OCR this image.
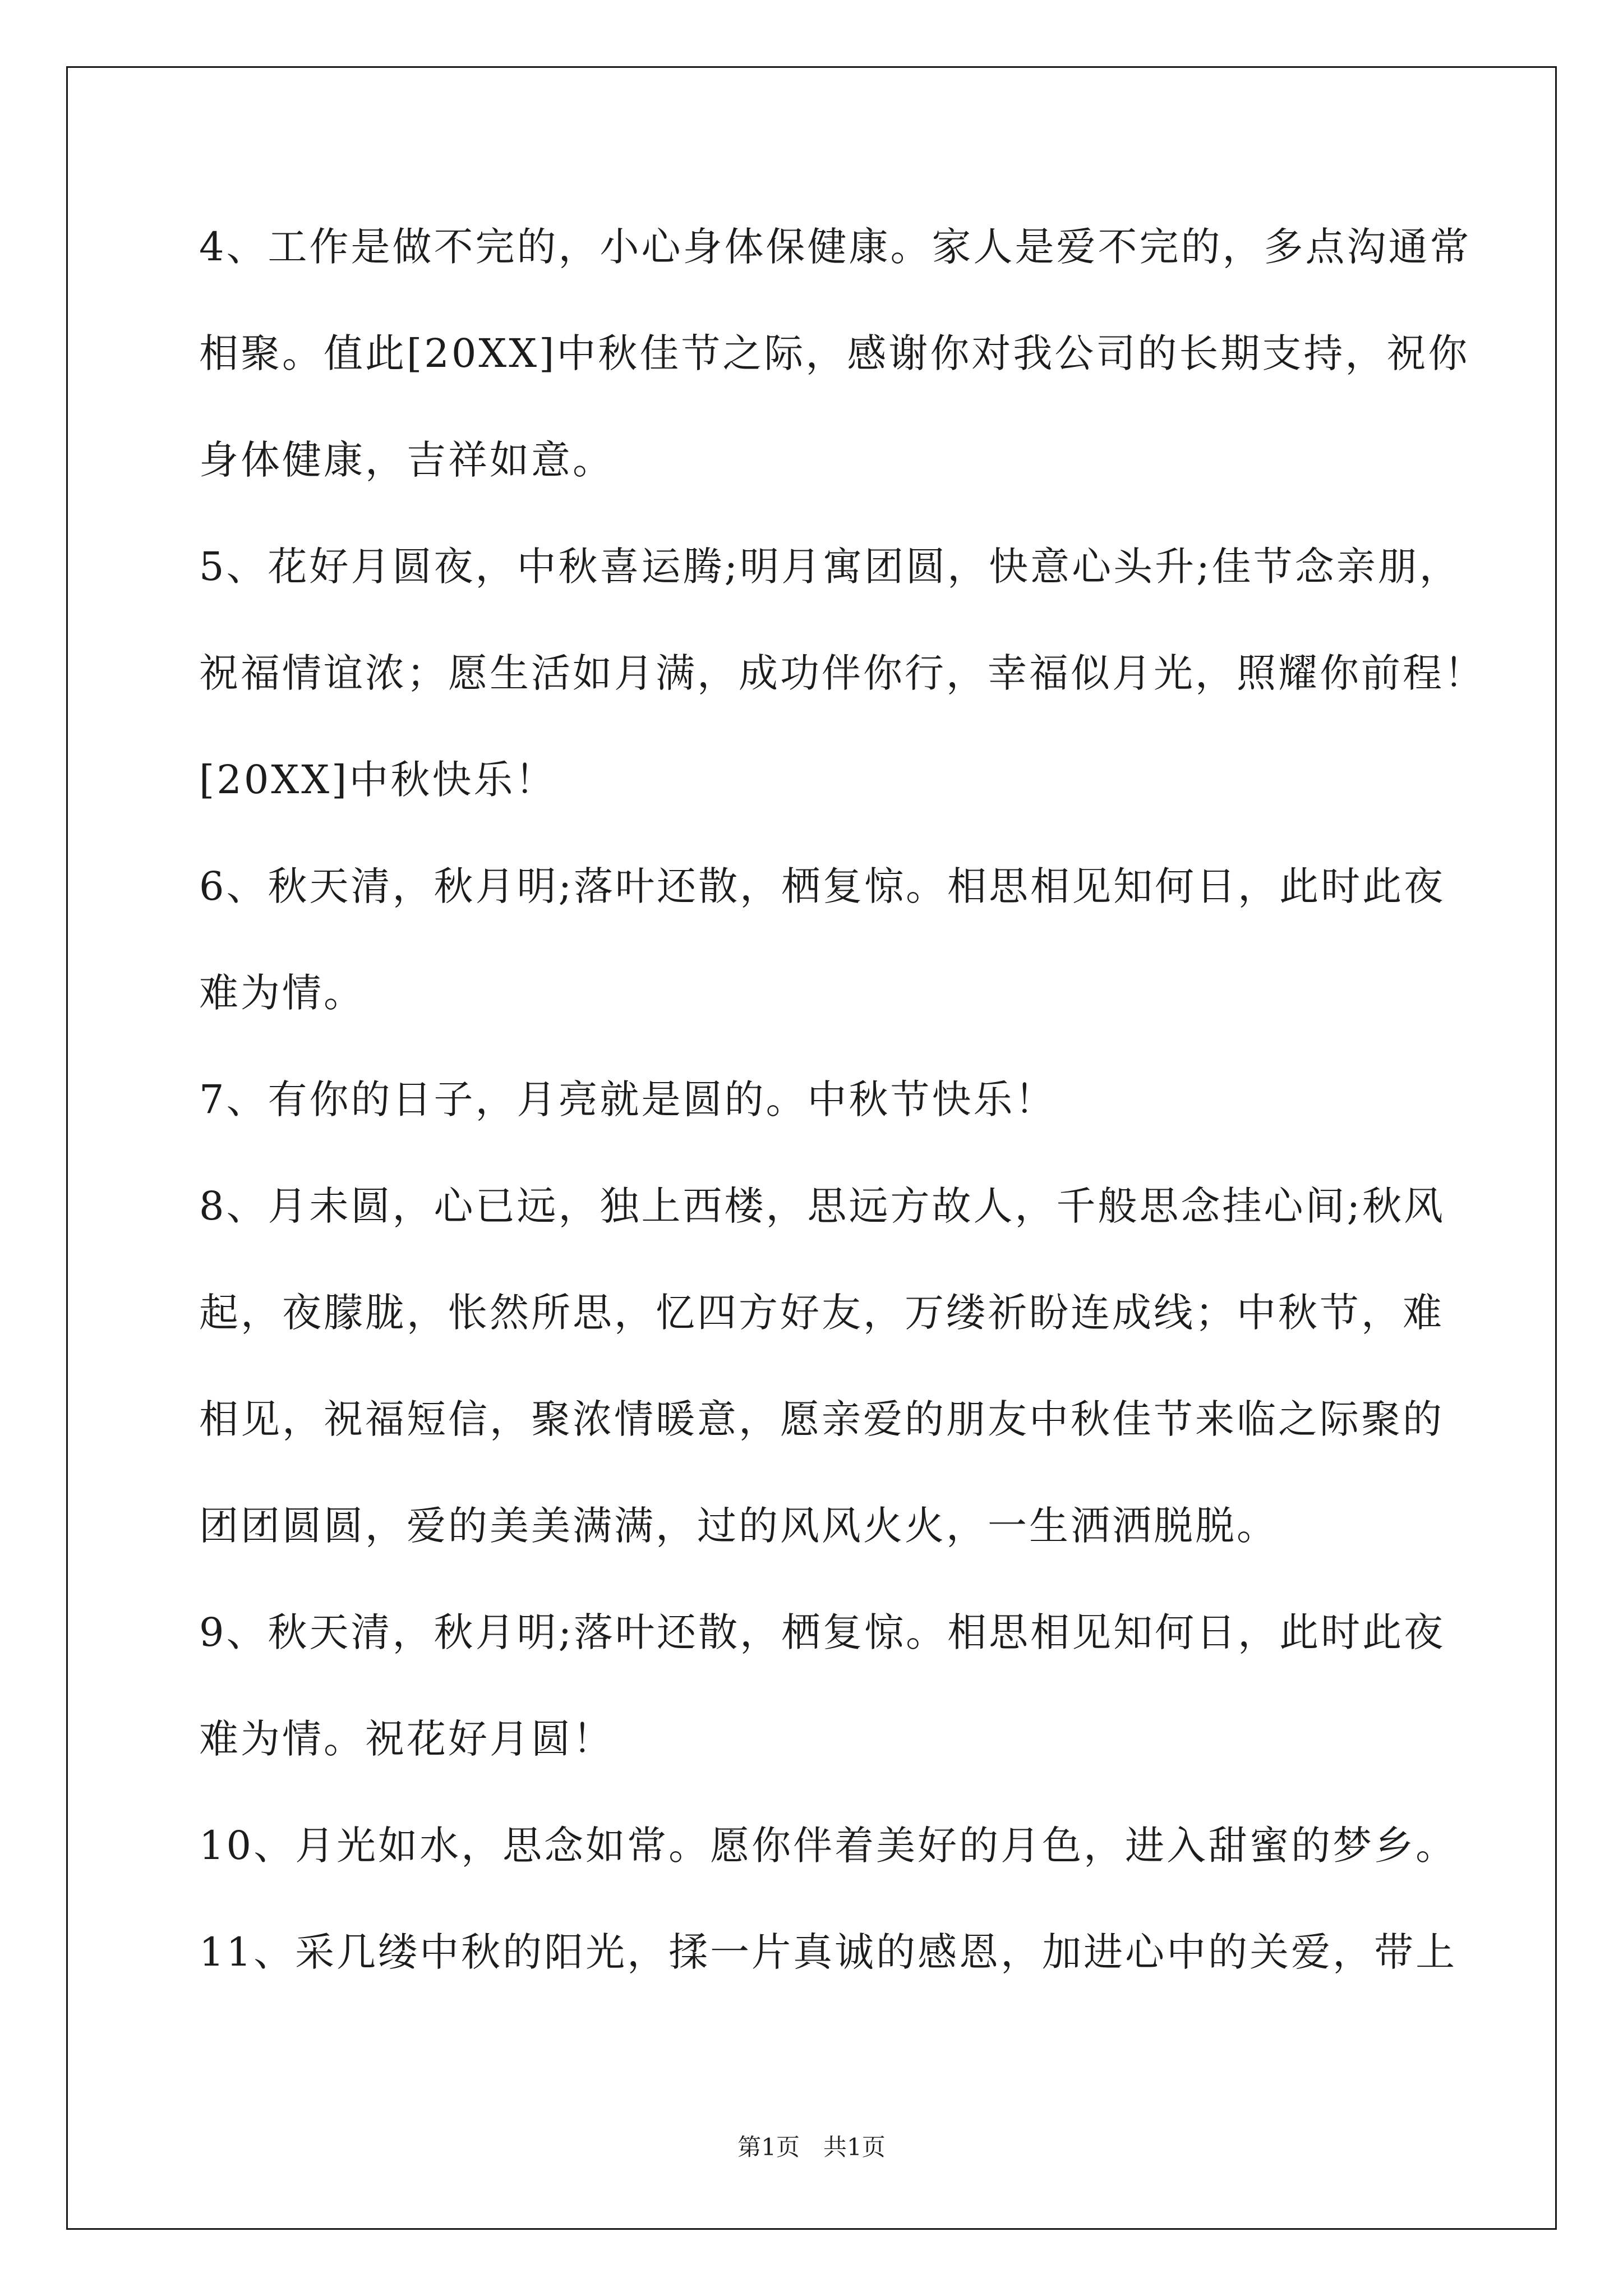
4、工作是做不完的，小心身体保健康。家人是爱不完的，多点沟通常
相聚。值此[20XX]中秋佳节之际，感谢你对我公司的长期支持，祝你
身体健康，吉祥如意。
5、花好月圆夜，中秋喜运腾;明月寓团圆，快意心头升;佳节念亲朋，
祝福情谊浓；愿生活如月满，成功伴你行，幸福似月光，照耀你前程！
[20XX]中秋快乐！
6、秋天清，秋月明;落叶还散，栖复惊。相思相见知何日，此时此夜
难为情。
7、有你的日子，月亮就是圆的。中秋节快乐！
8、月未圆，心已远，独上西楼，思远方故人，千般思念挂心间;秋风
起，夜朦胧，怅然所思，忆四方好友，万缕祈盼连成线；中秋节，难
相见，祝福短信，聚浓情暖意，愿亲爱的朋友中秋佳节来临之际聚的
团团圆圆，爱的美美满满，过的风风火火，一生洒洒脱脱。
9、秋天清，秋月明;落叶还散，栖复惊。相思相见知何日，此时此夜
难为情。祝花好月圆！
10、月光如水，思念如常。愿你伴着美好的月色，进入甜蜜的梦乡。
11、采几缕中秋的阳光，揉一片真诚的感恩，加进心中的关爱，带上
第1页　共1页
